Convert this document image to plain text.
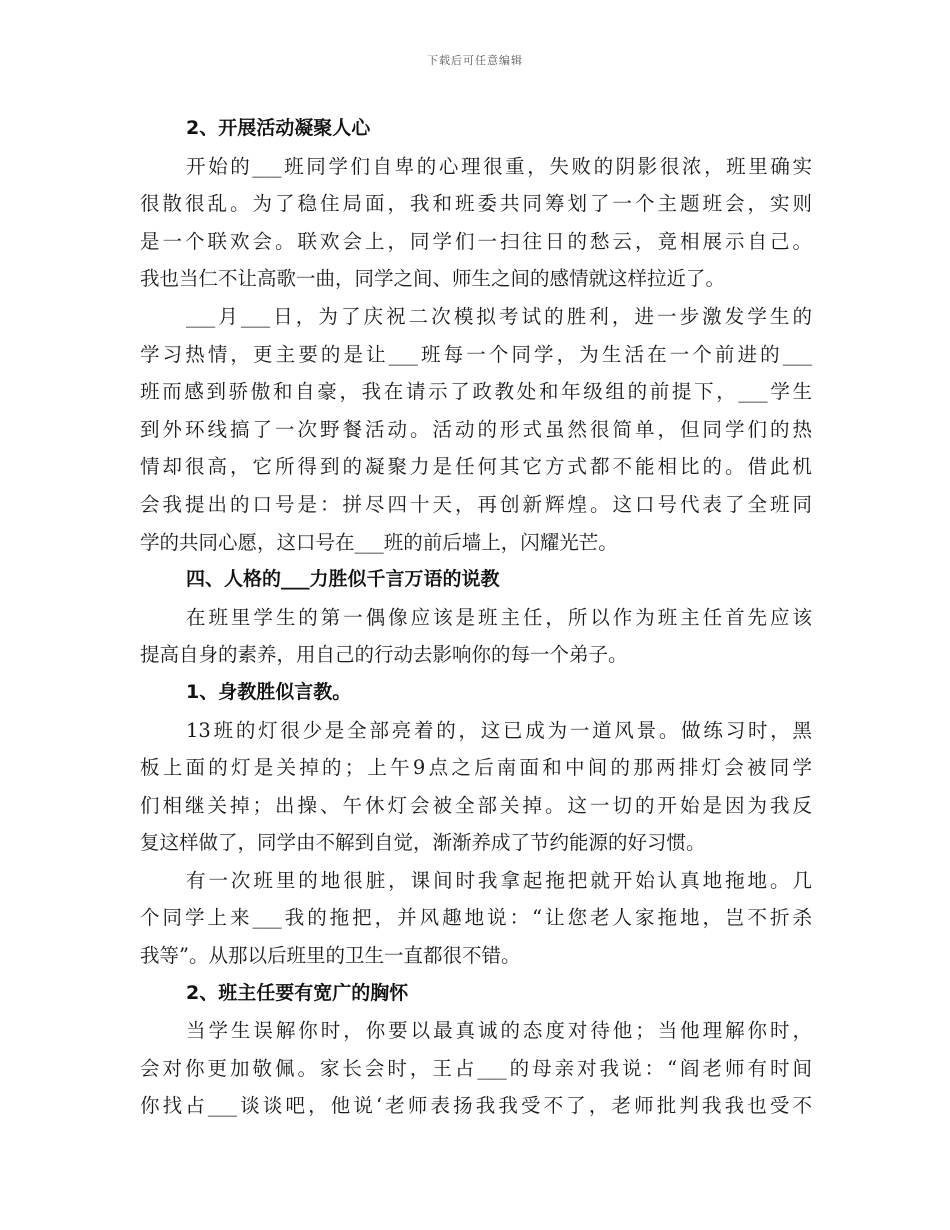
下载后可任意编辑
2、开展活动凝聚人心
开始的___班同学们自卑的心理很重，失败的阴影很浓，班里确实
很散很乱。为了稳住局面，我和班委共同筹划了一个主题班会，实则
是一个联欢会。联欢会上，同学们一扫往日的愁云，竟相展示自己。
我也当仁不让高歌一曲，同学之间、师生之间的感情就这样拉近了。
___月___日，为了庆祝二次模拟考试的胜利，进一步激发学生的
学习热情，更主要的是让___班每一个同学，为生活在一个前进的___
班而感到骄傲和自豪，我在请示了政教处和年级组的前提下，___学生
到外环线搞了一次野餐活动。活动的形式虽然很简单，但同学们的热
情却很高，它所得到的凝聚力是任何其它方式都不能相比的。借此机
会我提出的口号是：拼尽四十天，再创新辉煌。这口号代表了全班同
学的共同心愿，这口号在___班的前后墙上，闪耀光芒。
四、人格的___力胜似千言万语的说教
在班里学生的第一偶像应该是班主任，所以作为班主任首先应该
提高自身的素养，用自己的行动去影响你的每一个弟子。
1、身教胜似言教。
13班的灯很少是全部亮着的，这已成为一道风景。做练习时，黑
板上面的灯是关掉的；上午9点之后南面和中间的那两排灯会被同学
们相继关掉；出操、午休灯会被全部关掉。这一切的开始是因为我反
复这样做了，同学由不解到自觉，渐渐养成了节约能源的好习惯。
有一次班里的地很脏，课间时我拿起拖把就开始认真地拖地。几
个同学上来___我的拖把，并风趣地说：“让您老人家拖地，岂不折杀
我等”。从那以后班里的卫生一直都很不错。
2、班主任要有宽广的胸怀
当学生误解你时，你要以最真诚的态度对待他；当他理解你时，
会对你更加敬佩。家长会时，王占___的母亲对我说：“阎老师有时间
你找占___谈谈吧，他说‘老师表扬我我受不了，老师批判我我也受不
